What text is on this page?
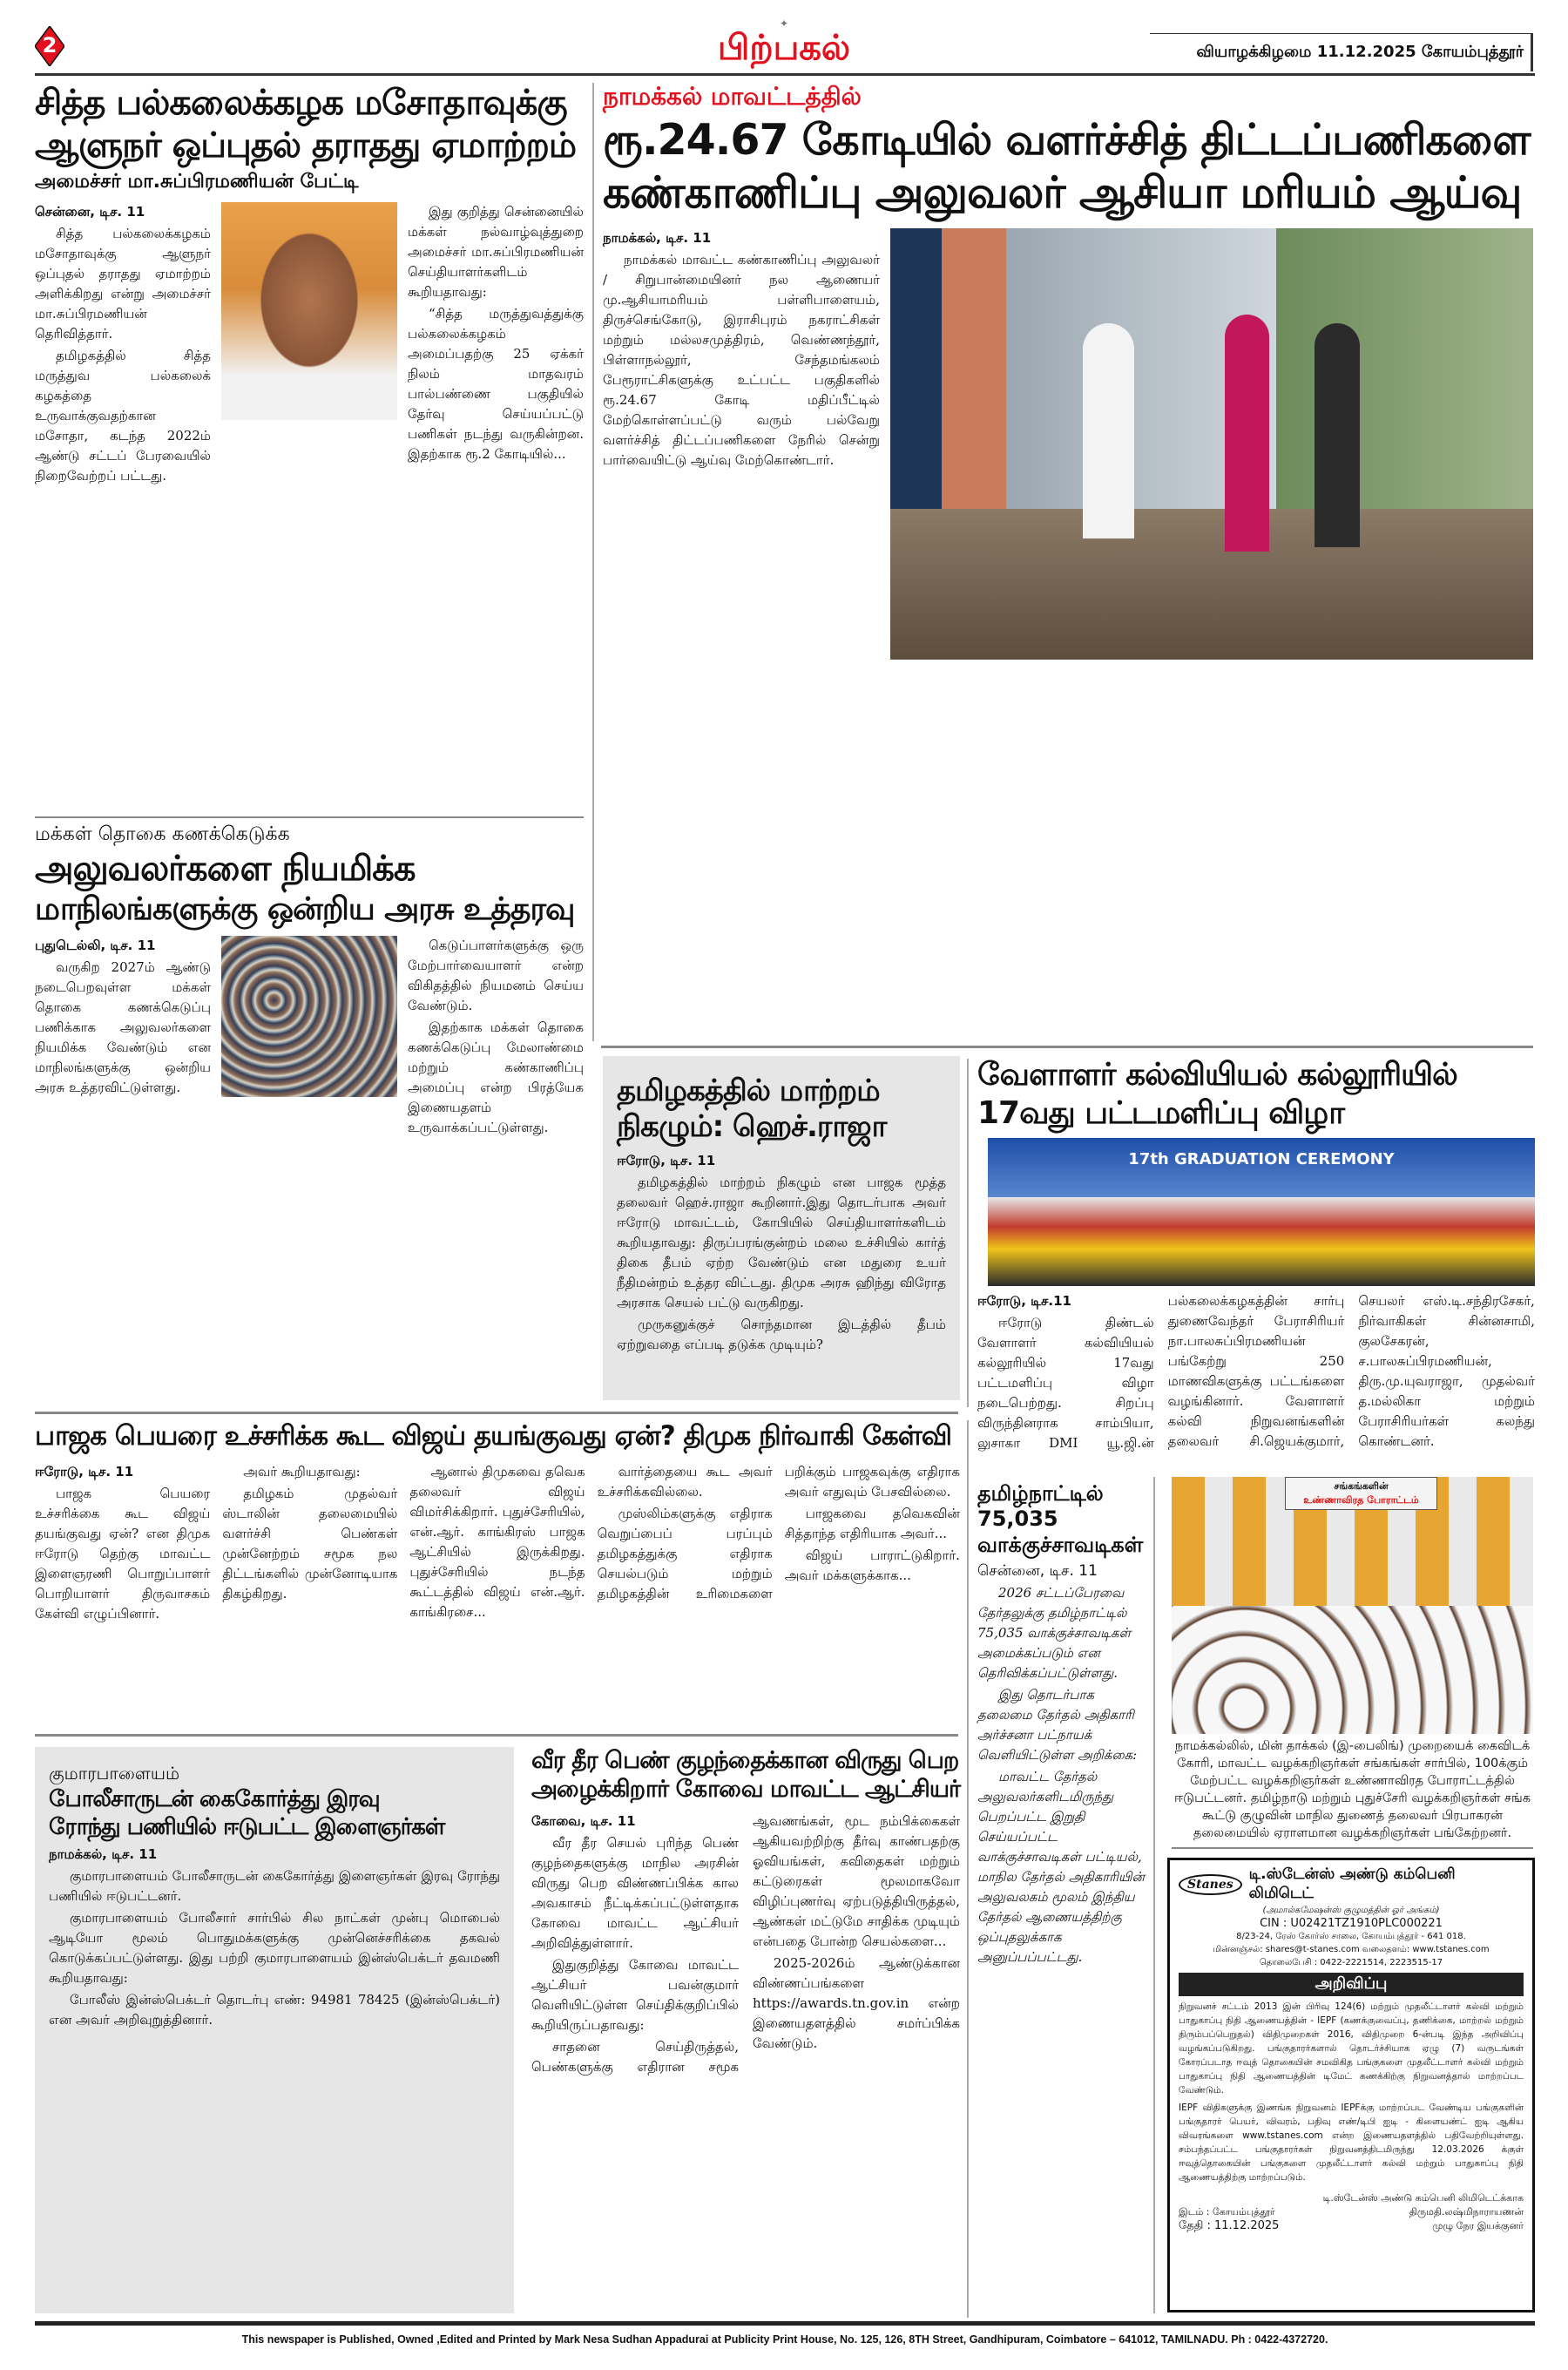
2
✦
பிற்பகல்	வியாழக்கிழமை 11.12.2025 கோயம்புத்தூர்
சித்த பல்கலைக்கழக மசோதாவுக்கு
ஆளுநர் ஒப்புதல் தராதது ஏமாற்றம்
அமைச்சர் மா.சுப்பிரமணியன் பேட்டி
சென்னை, டிச. 11

சித்த பல்கலைக்கழகம் மசோதாவுக்கு ஆளுநர் ஒப்புதல் தராதது ஏமாற்றம் அளிக்கிறது என்று அமைச்சர் மா.சுப்பிரமணியன் தெரிவித்தார்.

தமிழகத்தில் சித்த மருத்துவ பல்கலைக் கழகத்தை உருவாக்குவதற்கான மசோதா, கடந்த 2022ம் ஆண்டு சட்டப் பேரவையில் நிறைவேற்றப் பட்டது.

இது குறித்து சென்னையில் மக்கள் நல்வாழ்வுத்துறை அமைச்சர் மா.சுப்பிரமணியன் செய்தியாளர்களிடம் கூறியதாவது:

“சித்த மருத்துவத்துக்கு பல்கலைக்கழகம் அமைப்பதற்கு 25 ஏக்கர் நிலம் மாதவரம் பால்பண்ணை பகுதியில் தேர்வு செய்யப்பட்டு பணிகள் நடந்து வருகின்றன. இதற்காக ரூ.2 கோடியில்...

நாமக்கல் மாவட்டத்தில்
ரூ.24.67 கோடியில் வளர்ச்சித் திட்டப்பணிகளை
கண்காணிப்பு அலுவலர் ஆசியா மரியம் ஆய்வு
நாமக்கல், டிச. 11

நாமக்கல் மாவட்ட கண்காணிப்பு அலுவலர் / சிறுபான்மையினர் நல ஆணையர் மு.ஆசியாமரியம் பள்ளிபாளையம், திருச்செங்கோடு, இராசிபுரம் நகராட்சிகள் மற்றும் மல்லசமுத்திரம், வெண்ணந்தூர், பிள்ளாநல்லூர், சேந்தமங்கலம் பேரூராட்சிகளுக்கு உட்பட்ட பகுதிகளில் ரூ.24.67 கோடி மதிப்பீட்டில் மேற்கொள்ளப்பட்டு வரும் பல்வேறு வளர்ச்சித் திட்டப்பணிகளை நேரில் சென்று பார்வையிட்டு ஆய்வு மேற்கொண்டார்.

மக்கள் தொகை கணக்கெடுக்க
அலுவலர்களை நியமிக்க
மாநிலங்களுக்கு ஒன்றிய அரசு உத்தரவு
புதுடெல்லி, டிச. 11

வருகிற 2027ம் ஆண்டு நடைபெறவுள்ள மக்கள் தொகை கணக்கெடுப்பு பணிக்காக அலுவலர்களை நியமிக்க வேண்டும் என மாநிலங்களுக்கு ஒன்றிய அரசு உத்தரவிட்டுள்ளது.

கெடுப்பாளர்களுக்கு ஒரு மேற்பார்வையாளர் என்ற விகிதத்தில் நியமனம் செய்ய வேண்டும்.

இதற்காக மக்கள் தொகை கணக்கெடுப்பு மேலாண்மை மற்றும் கண்காணிப்பு அமைப்பு என்ற பிரத்யேக இணையதளம் உருவாக்கப்பட்டுள்ளது.

தமிழகத்தில் மாற்றம்
நிகழும்: ஹெச்.ராஜா
ஈரோடு, டிச. 11

தமிழகத்தில் மாற்றம் நிகழும் என பாஜக மூத்த தலைவர் ஹெச்.ராஜா கூறினார்.இது தொடர்பாக அவர் ஈரோடு மாவட்டம், கோபியில் செய்தியாளர்களிடம் கூறியதாவது: திருப்பரங்குன்றம் மலை உச்சியில் கார்த் திகை தீபம் ஏற்ற வேண்டும் என மதுரை உயர் நீதிமன்றம் உத்தர விட்டது. திமுக அரசு ஹிந்து விரோத அரசாக செயல் பட்டு வருகிறது.

முருகனுக்குச் சொந்தமான இடத்தில் தீபம் ஏற்றுவதை எப்படி தடுக்க முடியும்?

வேளாளர் கல்வியியல் கல்லூரியில்
17வது பட்டமளிப்பு விழா
17th GRADUATION CEREMONY
ஈரோடு, டிச.11

ஈரோடு திண்டல் வேளாளர் கல்வியியல் கல்லூரியில் 17வது பட்டமளிப்பு விழா நடைபெற்றது. சிறப்பு விருந்தினராக சாம்பியா, லுசாகா DMI யூ.ஜி.ன் பல்கலைக்கழகத்தின் சார்பு துணைவேந்தர் பேராசிரியர் நா.பாலசுப்பிரமணியன் பங்கேற்று 250 மாணவிகளுக்கு பட்டங்களை வழங்கினார். வேளாளர் கல்வி நிறுவனங்களின் தலைவர் சி.ஜெயக்குமார், செயலர் எஸ்.டி.சந்திரசேகர், நிர்வாகிகள் சின்னசாமி, குலசேகரன், ச.பாலசுப்பிரமணியன், திரு.மு.யுவராஜா, முதல்வர் த.மல்லிகா மற்றும் பேராசிரியர்கள் கலந்து கொண்டனர்.

பாஜக பெயரை உச்சரிக்க கூட விஜய் தயங்குவது ஏன்? திமுக நிர்வாகி கேள்வி
ஈரோடு, டிச. 11

பாஜக பெயரை உச்சரிக்கை கூட விஜய் தயங்குவது ஏன்? என திமுக ஈரோடு தெற்கு மாவட்ட இளைஞரணி பொறுப்பாளர் பொறியாளர் திருவாசகம் கேள்வி எழுப்பினார்.

அவர் கூறியதாவது:

தமிழகம் முதல்வர் ஸ்டாலின் தலைமையில் வளர்ச்சி பெண்கள் முன்னேற்றம் சமூக நல திட்டங்களில் முன்னோடியாக திகழ்கிறது.

ஆனால் திமுகவை தவெக தலைவர் விஜய் விமர்சிக்கிறார். புதுச்சேரியில், என்.ஆர். காங்கிரஸ் பாஜக ஆட்சியில் இருக்கிறது. புதுச்சேரியில் நடந்த கூட்டத்தில் விஜய் என்.ஆர். காங்கிரசை...

வார்த்தையை கூட அவர் உச்சரிக்கவில்லை.

முஸ்லிம்களுக்கு எதிராக வெறுப்பைப் பரப்பும் தமிழகத்துக்கு எதிராக செயல்படும் மற்றும் தமிழகத்தின் உரிமைகளை பறிக்கும் பாஜகவுக்கு எதிராக அவர் எதுவும் பேசவில்லை.

பாஜகவை தவெகவின் சித்தாந்த எதிரியாக அவர்...

விஜய் பாராட்டுகிறார். அவர் மக்களுக்காக...

தமிழ்நாட்டில்
75,035
வாக்குச்சாவடிகள்
சென்னை, டிச. 11

2026 சட்டப்பேரவை தேர்தலுக்கு தமிழ்நாட்டில் 75,035 வாக்குச்சாவடிகள் அமைக்கப்படும் என தெரிவிக்கப்பட்டுள்ளது.

இது தொடர்பாக தலைமை தேர்தல் அதிகாரி அர்ச்சனா பட்நாயக் வெளியிட்டுள்ள அறிக்கை:

மாவட்ட தேர்தல் அலுவலர்களிடமிருந்து பெறப்பட்ட இறுதி செய்யப்பட்ட வாக்குச்சாவடிகள் பட்டியல், மாநில தேர்தல் அதிகாரியின் அலுவலகம் மூலம் இந்திய தேர்தல் ஆணையத்திற்கு ஒப்புதலுக்காக அனுப்பப்பட்டது.

சங்கங்களின்
உண்ணாவிரத போராட்டம்
நாமக்கல்லில், மின் தாக்கல் (இ-பைலிங்) முறையைக் கைவிடக் கோரி, மாவட்ட வழக்கறிஞர்கள் சங்கங்கள் சார்பில், 100க்கும் மேற்பட்ட வழக்கறிஞர்கள் உண்ணாவிரத போராட்டத்தில் ஈடுபட்டனர். தமிழ்நாடு மற்றும் புதுச்சேரி வழக்கறிஞர்கள் சங்க கூட்டு குழுவின் மாநில துணைத் தலைவர் பிரபாகரன் தலைமையில் ஏராளமான வழக்கறிஞர்கள் பங்கேற்றனர்.
Stanes
டி.ஸ்டேன்ஸ் அண்டு கம்பெனி லிமிடெட்
(அமால்கமேஷன்ஸ் குழுமத்தின் ஓர் அங்கம்)
CIN : U02421TZ1910PLC000221
8/23-24, ரேஸ் கோர்ஸ் சாலை, கோயம்புத்தூர் - 641 018.
மின்னஞ்சல்: shares@t-stanes.com வலைதளம்: www.tstanes.com
தொலைபேசி : 0422-2221514, 2223515-17
அறிவிப்பு
நிறுவனச் சட்டம் 2013 இன் பிரிவு 124(6) மற்றும் முதலீட்டாளர் கல்வி மற்றும் பாதுகாப்பு நிதி ஆணையத்தின் - IEPF (கணக்குவைப்பு, தணிக்கை, மாற்றல் மற்றும் திரும்பப்பெறுதல்) விதிமுறைகள் 2016, விதிமுறை 6-ன்படி இந்த அறிவிப்பு வழங்கப்படுகிறது. பங்குதாரர்களால் தொடர்ச்சியாக ஏழு (7) வருடங்கள் கோரப்படாத ஈவுத் தொகையின் சமவிகித பங்குகளை முதலீட்டாளர் கல்வி மற்றும் பாதுகாப்பு நிதி ஆணையத்தின் டிமேட் கணக்கிற்கு நிறுவனத்தால் மாற்றப்பட வேண்டும்.
IEPF விதிகளுக்கு இணங்க நிறுவனம் IEPFக்கு மாற்றப்பட வேண்டிய பங்குகளின் பங்குதாரர் பெயர், விவரம், பதிவு எண்/டிபி ஐடி - கிளையண்ட் ஐடி ஆகிய விவரங்களை www.tstanes.com என்ற இணையதளத்தில் பதிவேற்றியுள்ளது. சம்பந்தப்பட்ட பங்குதாரர்கள் நிறுவனத்திடமிருந்து 12.03.2026 க்குள் ஈவுத்தொகையின் பங்குகளை முதலீட்டாளர் கல்வி மற்றும் பாதுகாப்பு நிதி ஆணையத்திற்கு மாற்றப்படும்.
இடம் : கோயம்புத்தூர்
தேதி : 11.12.2025
டி.ஸ்டேன்ஸ் அண்டு கம்பெனி லிமிடெட்க்காக
திருமதி.லஷ்மிநாராயணன்
முழு நேர இயக்குனர்
குமாரபாளையம்
போலீசாருடன் கைகோர்த்து இரவு
ரோந்து பணியில் ஈடுபட்ட இளைஞர்கள்
நாமக்கல், டிச. 11

குமாரபாளையம் போலீசாருடன் கைகோர்த்து இளைஞர்கள் இரவு ரோந்து பணியில் ஈடுபட்டனர்.

குமாரபாளையம் போலீசார் சார்பில் சில நாட்கள் முன்பு மொபைல் ஆடியோ மூலம் பொதுமக்களுக்கு முன்னெச்சரிக்கை தகவல் கொடுக்கப்பட்டுள்ளது. இது பற்றி குமாரபாளையம் இன்ஸ்பெக்டர் தவமணி கூறியதாவது:

போலீஸ் இன்ஸ்பெக்டர் தொடர்பு எண்: 94981 78425 (இன்ஸ்பெக்டர்) என அவர் அறிவுறுத்தினார்.

வீர தீர பெண் குழந்தைக்கான விருது பெற
அழைக்கிறார் கோவை மாவட்ட ஆட்சியர்
கோவை, டிச. 11

வீர தீர செயல் புரிந்த பெண் குழந்தைகளுக்கு மாநில அரசின் விருது பெற விண்ணப்பிக்க கால அவகாசம் நீட்டிக்கப்பட்டுள்ளதாக கோவை மாவட்ட ஆட்சியர் அறிவித்துள்ளார்.

இதுகுறித்து கோவை மாவட்ட ஆட்சியர் பவன்குமார் வெளியிட்டுள்ள செய்திக்குறிப்பில் கூறியிருப்பதாவது:

சாதனை செய்திருத்தல், பெண்களுக்கு எதிரான சமூக ஆவணங்கள், மூட நம்பிக்கைகள் ஆகியவற்றிற்கு தீர்வு காண்பதற்கு ஓவியங்கள், கவிதைகள் மற்றும் கட்டுரைகள் மூலமாகவோ விழிப்புணர்வு ஏற்படுத்தியிருத்தல், ஆண்கள் மட்டுமே சாதிக்க முடியும் என்பதை போன்ற செயல்களை...

2025-2026ம் ஆண்டுக்கான விண்ணப்பங்களை https://awards.tn.gov.in என்ற இணையதளத்தில் சமர்ப்பிக்க வேண்டும்.

This newspaper is Published, Owned ,Edited and Printed by Mark Nesa Sudhan Appadurai at Publicity Print House, No. 125, 126, 8TH Street, Gandhipuram, Coimbatore – 641012, TAMILNADU. Ph : 0422-4372720.
